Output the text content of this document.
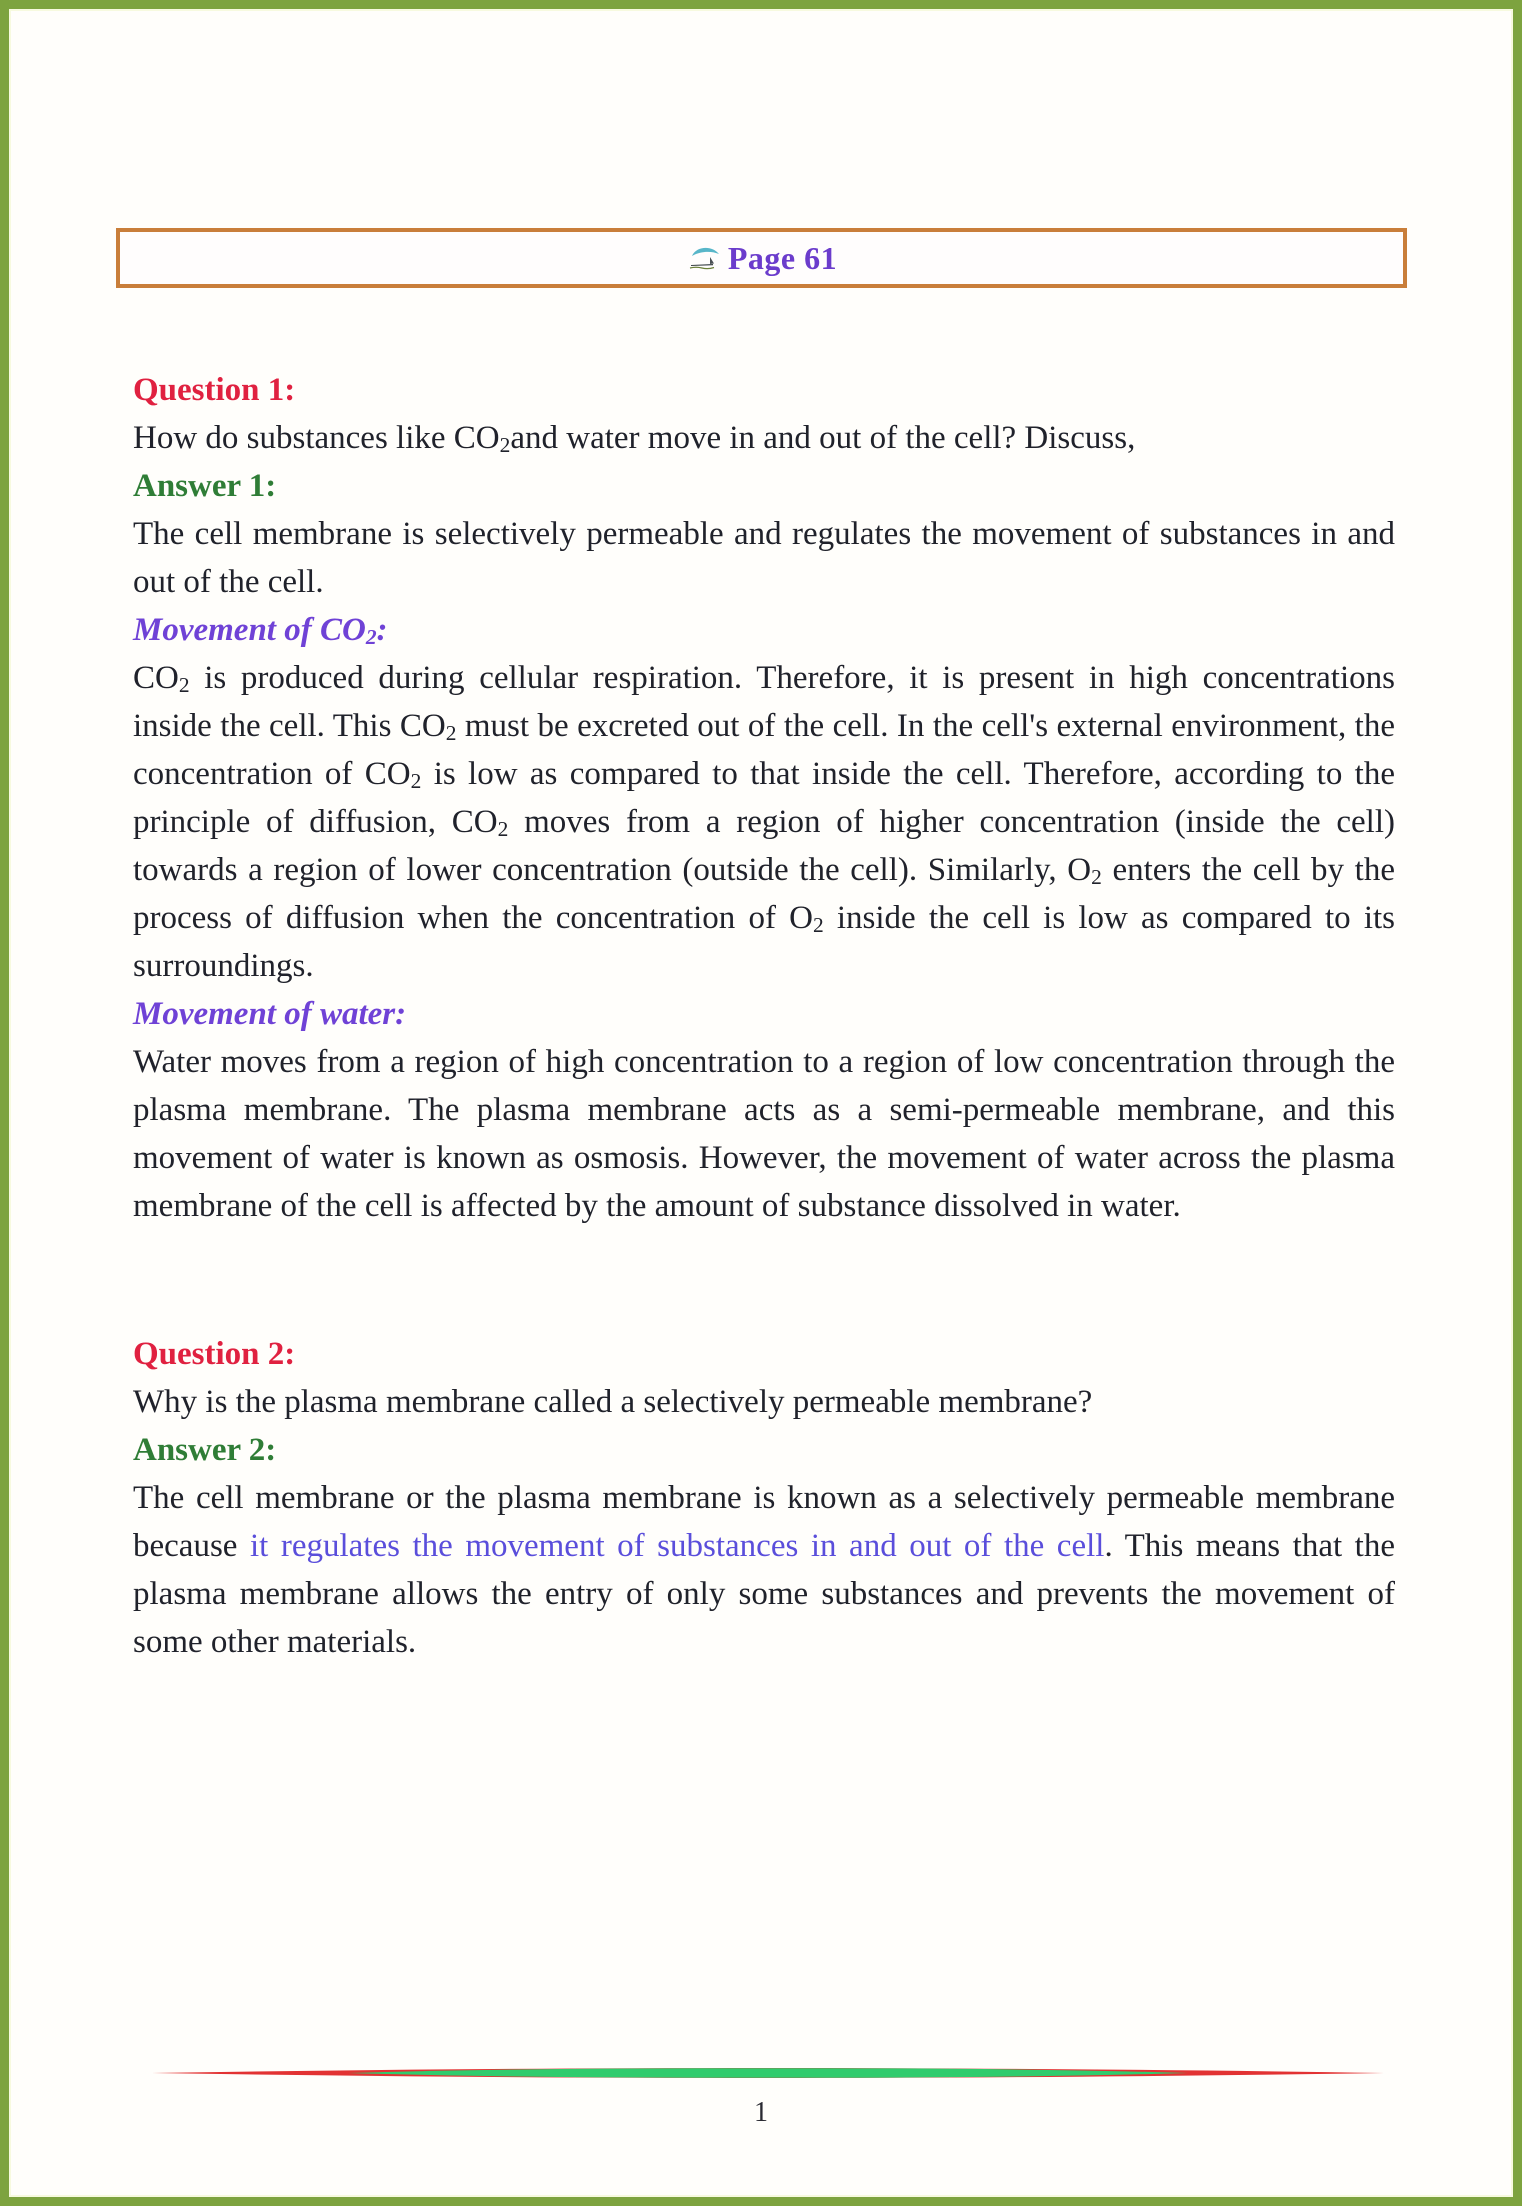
Page 61
Question 1:

How do substances like $CO_2and$ water move in and out of the cell? Discuss,

Answer 1:

The cell membrane is selectively permeable and regulates the movement of substances in and out of the cell.

Movement of $CO_2$:

$CO_2$ is produced during cellular respiration. Therefore, it is present in high concentrations inside the cell. This $CO_2$ must be excreted out of the cell. In the cell's external environment, the concentration of $CO_2$ is low as compared to that inside the cell. Therefore, according to the principle of diffusion, $CO_2$ moves from a region of higher concentration (inside the cell) towards a region of lower concentration (outside the cell). Similarly, $O_2$ enters the cell by the process of diffusion when the concentration of $O_2$ inside the cell is low as compared to its surroundings.

Movement of water:

Water moves from a region of high concentration to a region of low concentration through the plasma membrane. The plasma membrane acts as a semi-permeable membrane, and this movement of water is known as osmosis. However, the movement of water across the plasma membrane of the cell is affected by the amount of substance dissolved in water.

Question 2:

Why is the plasma membrane called a selectively permeable membrane?

Answer 2:

The cell membrane or the plasma membrane is known as a selectively permeable membrane because it regulates the movement of substances in and out of the cell. This means that the plasma membrane allows the entry of only some substances and prevents the movement of some other materials.

1
